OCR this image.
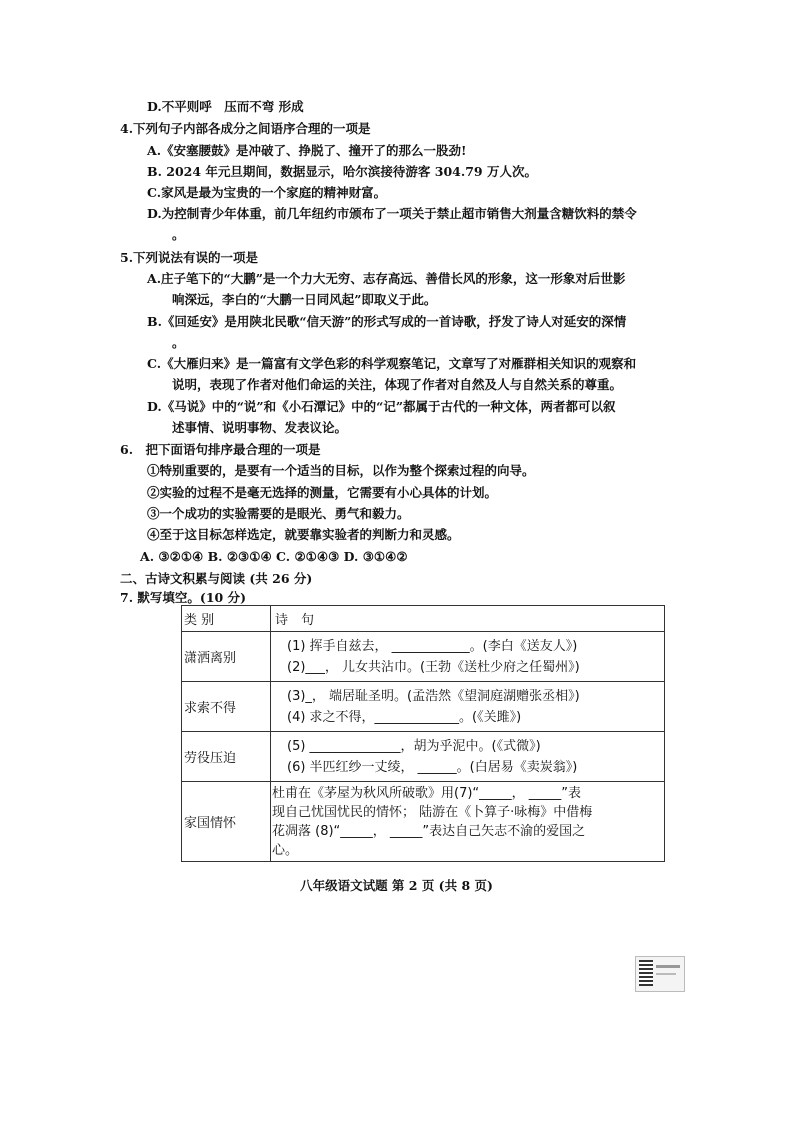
D.不平则呼　压而不弯 形成
4.下列句子内部各成分之间语序合理的一项是
A.《安塞腰鼓》是冲破了、挣脱了、撞开了的那么一股劲!
B. 2024 年元旦期间，数据显示，哈尔滨接待游客 304.79 万人次。
C.家风是最为宝贵的一个家庭的精神财富。
D.为控制青少年体重，前几年纽约市颁布了一项关于禁止超市销售大剂量含糖饮料的禁令
。
5.下列说法有误的一项是
A.庄子笔下的“大鹏”是一个力大无穷、志存高远、善借长风的形象，这一形象对后世影
响深远，李白的“大鹏一日同风起”即取义于此。
B.《回延安》是用陕北民歌“信天游”的形式写成的一首诗歌，抒发了诗人对延安的深情
。
C.《大雁归来》是一篇富有文学色彩的科学观察笔记，文章写了对雁群相关知识的观察和
说明，表现了作者对他们命运的关注，体现了作者对自然及人与自然关系的尊重。
D.《马说》中的“说”和《小石潭记》中的“记”都属于古代的一种文体，两者都可以叙
述事情、说明事物、发表议论。
6.　把下面语句排序最合理的一项是
①特别重要的，是要有一个适当的目标，以作为整个探索过程的向导。
②实验的过程不是毫无选择的测量，它需要有小心具体的计划。
③一个成功的实验需要的是眼光、勇气和毅力。
④至于这目标怎样选定，就要靠实验者的判断力和灵感。
A. ③②①④ B. ②③①④ C. ②①④③ D. ③①④②
二、古诗文积累与阅读 (共 26 分)
7. 默写填空。(10 分)
类 别	诗　句
潇洒离别	(1) 挥手自兹去， ____________。(李白《送友人》)
(2)___， 儿女共沾巾。(王勃《送杜少府之任蜀州》)

求索不得	(3)_， 端居耻圣明。(孟浩然《望洞庭湖赠张丞相》)
(4) 求之不得，_____________。(《关雎》)

劳役压迫	(5) ______________，胡为乎泥中。(《式微》)
(6) 半匹红纱一丈绫， ______。(白居易《卖炭翁》)

家国情怀	杜甫在《茅屋为秋风所破歌》用(7)“_____， _____”表
现自己忧国忧民的情怀； 陆游在《卜算子·咏梅》中借梅
花凋落 (8)“_____， _____”表达自己矢志不渝的爱国之
心。
八年级语文试题 第 2 页 (共 8 页)
